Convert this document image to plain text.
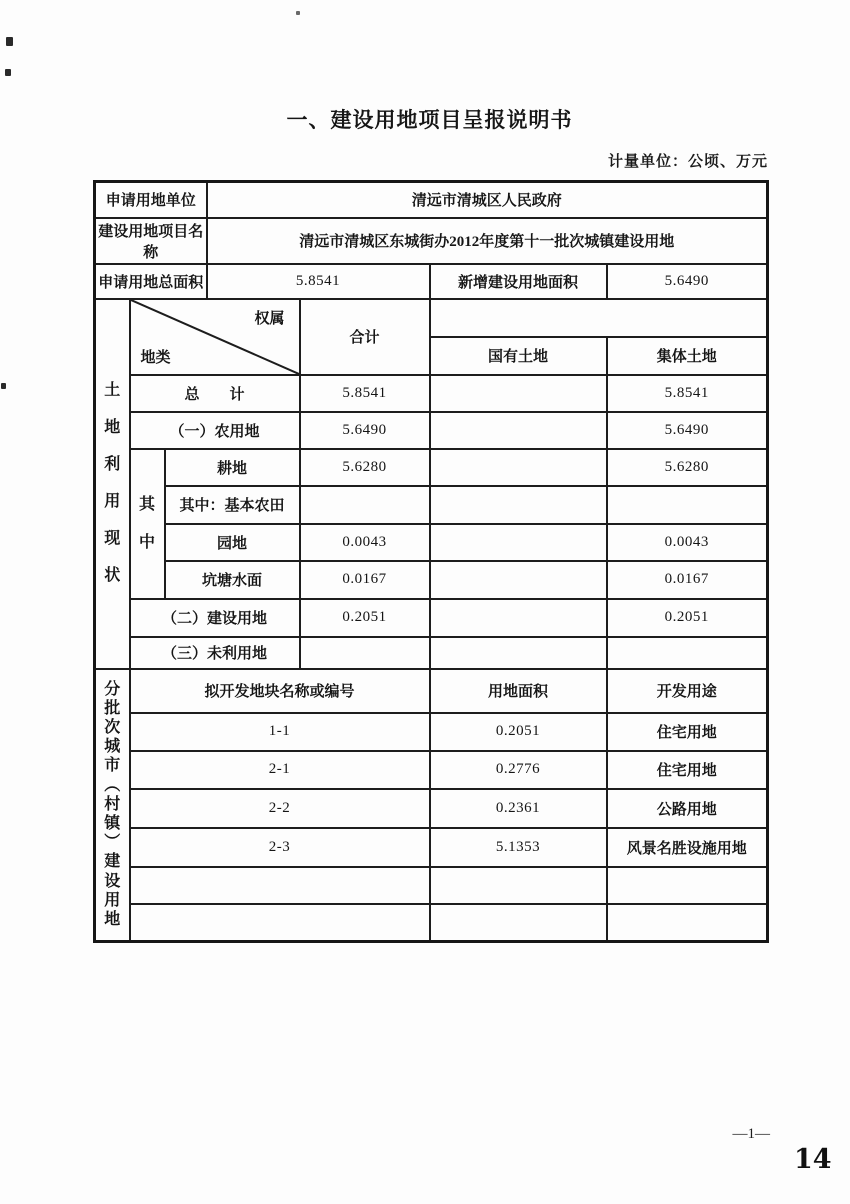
一、建设用地项目呈报说明书
计量单位：公顷、万元
申请用地单位			清远市清城区人民政府			
建设用地项目名称			清远市清城区东城街办2012年度第十一批次城镇建设用地			
申请用地总面积			5.8541		新增建设用地面积	5.6490

土
地
利
用
现
状

权属
地类
	合计	
					国有土地	集体土地
	总　　计			5.8541		5.8541
	（一）农用地			5.6490		5.6490

	其
中	耕地		5.6280		5.6280
		其中：基本农田				
		园地		0.0043		0.0043
		坑塘水面		0.0167		0.0167
	（二）建设用地			0.2051		0.2051
	（三）未利用地					

分
批
次
城
市
︵
村
镇
︶
建
设
用
地
	拟开发地块名称或编号	用地面积	开发用途
	1-1				0.2051	住宅用地
	2-1				0.2776	住宅用地
	2-2				0.2361	公路用地
	2-3				5.1353	风景名胜设施用地

—1—
14
